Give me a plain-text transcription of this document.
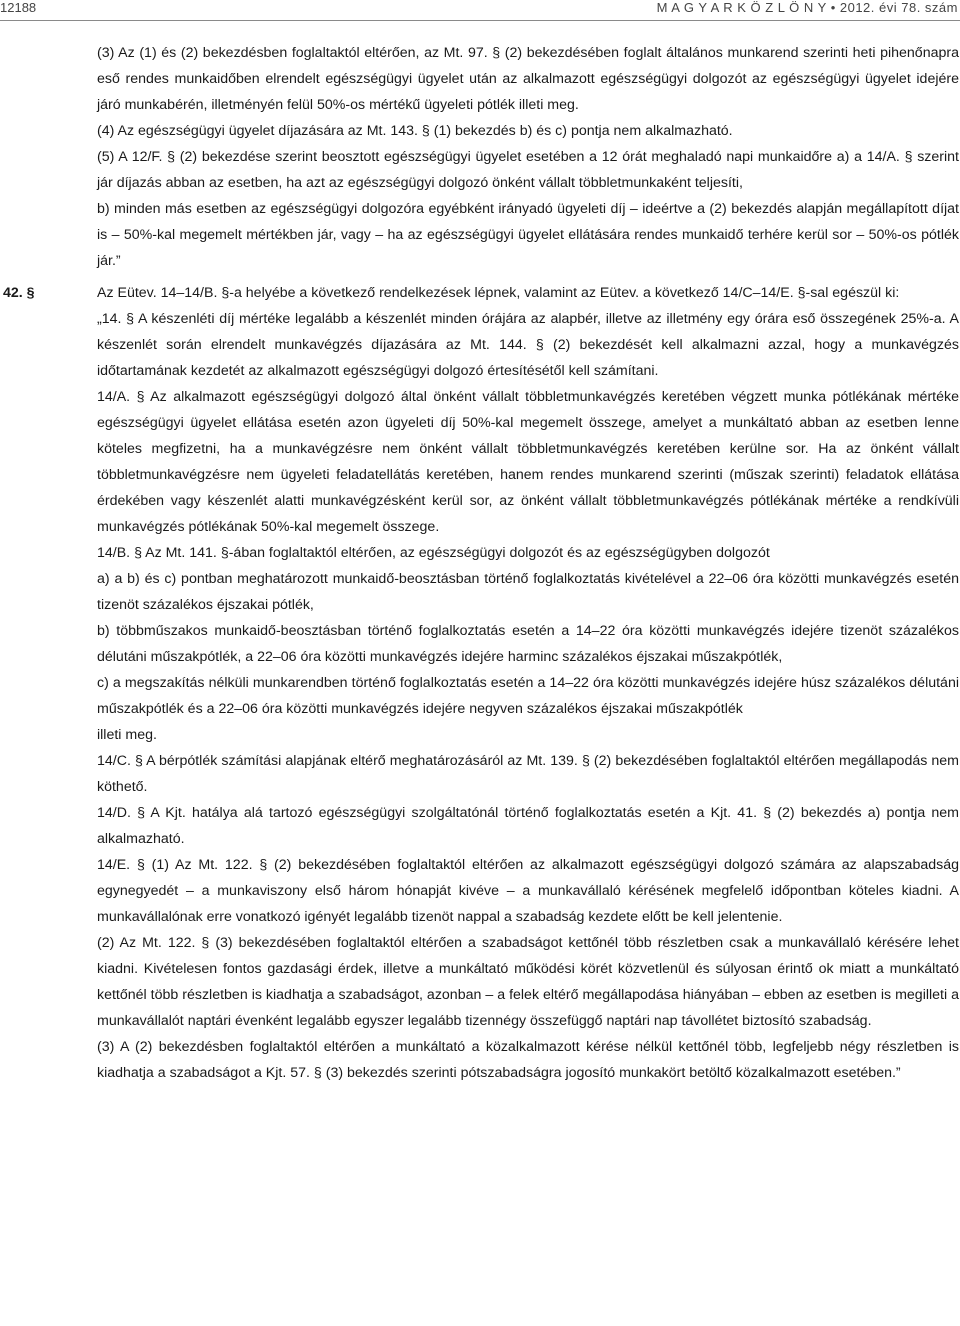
12188	M A G Y A R K Ö Z L Ö N Y • 2012. évi 78. szám

(3) Az (1) és (2) bekezdésben foglaltaktól eltérően, az Mt. 97. § (2) bekezdésében foglalt általános munkarend szerinti heti pihenőnapra eső rendes munkaidőben elrendelt egészségügyi ügyelet után az alkalmazott egészségügyi dolgozót az egészségügyi ügyelet idejére járó munkabérén, illetményén felül 50%-os mértékű ügyeleti pótlék illeti meg.

(4) Az egészségügyi ügyelet díjazására az Mt. 143. § (1) bekezdés b) és c) pontja nem alkalmazható.

(5) A 12/F. § (2) bekezdése szerint beosztott egészségügyi ügyelet esetében a 12 órát meghaladó napi munkaidőre a) a 14/A. § szerint jár díjazás abban az esetben, ha azt az egészségügyi dolgozó önként vállalt többletmunkaként teljesíti,

b) minden más esetben az egészségügyi dolgozóra egyébként irányadó ügyeleti díj – ideértve a (2) bekezdés alapján megállapított díjat is – 50%-kal megemelt mértékben jár, vagy – ha az egészségügyi ügyelet ellátására rendes munkaidő terhére kerül sor – 50%-os pótlék jár.”

42. §	Az Eütev. 14–14/B. §-a helyébe a következő rendelkezések lépnek, valamint az Eütev. a következő 14/C–14/E. §-sal egészül ki:

„14. § A készenléti díj mértéke legalább a készenlét minden órájára az alapbér, illetve az illetmény egy órára eső összegének 25%-a. A készenlét során elrendelt munkavégzés díjazására az Mt. 144. § (2) bekezdését kell alkalmazni azzal, hogy a munkavégzés időtartamának kezdetét az alkalmazott egészségügyi dolgozó értesítésétől kell számítani.

14/A. § Az alkalmazott egészségügyi dolgozó által önként vállalt többletmunkavégzés keretében végzett munka pótlékának mértéke egészségügyi ügyelet ellátása esetén azon ügyeleti díj 50%-kal megemelt összege, amelyet a munkáltató abban az esetben lenne köteles megfizetni, ha a munkavégzésre nem önként vállalt többletmunkavégzés keretében kerülne sor. Ha az önként vállalt többletmunkavégzésre nem ügyeleti feladatellátás keretében, hanem rendes munkarend szerinti (műszak szerinti) feladatok ellátása érdekében vagy készenlét alatti munkavégzésként kerül sor, az önként vállalt többletmunkavégzés pótlékának mértéke a rendkívüli munkavégzés pótlékának 50%-kal megemelt összege.

14/B. § Az Mt. 141. §-ában foglaltaktól eltérően, az egészségügyi dolgozót és az egészségügyben dolgozót

a) a b) és c) pontban meghatározott munkaidő-beosztásban történő foglalkoztatás kivételével a 22–06 óra közötti munkavégzés esetén tizenöt százalékos éjszakai pótlék,

b) többműszakos munkaidő-beosztásban történő foglalkoztatás esetén a 14–22 óra közötti munkavégzés idejére tizenöt százalékos délutáni műszakpótlék, a 22–06 óra közötti munkavégzés idejére harminc százalékos éjszakai műszakpótlék,

c) a megszakítás nélküli munkarendben történő foglalkoztatás esetén a 14–22 óra közötti munkavégzés idejére húsz százalékos délutáni műszakpótlék és a 22–06 óra közötti munkavégzés idejére negyven százalékos éjszakai műszakpótlék

illeti meg.

14/C. § A bérpótlék számítási alapjának eltérő meghatározásáról az Mt. 139. § (2) bekezdésében foglaltaktól eltérően megállapodás nem köthető.

14/D. § A Kjt. hatálya alá tartozó egészségügyi szolgáltatónál történő foglalkoztatás esetén a Kjt. 41. § (2) bekezdés a) pontja nem alkalmazható.

14/E. § (1) Az Mt. 122. § (2) bekezdésében foglaltaktól eltérően az alkalmazott egészségügyi dolgozó számára az alapszabadság egynegyedét – a munkaviszony első három hónapját kivéve – a munkavállaló kérésének megfelelő időpontban köteles kiadni. A munkavállalónak erre vonatkozó igényét legalább tizenöt nappal a szabadság kezdete előtt be kell jelentenie.

(2) Az Mt. 122. § (3) bekezdésében foglaltaktól eltérően a szabadságot kettőnél több részletben csak a munkavállaló kérésére lehet kiadni. Kivételesen fontos gazdasági érdek, illetve a munkáltató működési körét közvetlenül és súlyosan érintő ok miatt a munkáltató kettőnél több részletben is kiadhatja a szabadságot, azonban – a felek eltérő megállapodása hiányában – ebben az esetben is megilleti a munkavállalót naptári évenként legalább egyszer legalább tizennégy összefüggő naptári nap távollétet biztosító szabadság.

(3) A (2) bekezdésben foglaltaktól eltérően a munkáltató a közalkalmazott kérése nélkül kettőnél több, legfeljebb négy részletben is kiadhatja a szabadságot a Kjt. 57. § (3) bekezdés szerinti pótszabadságra jogosító munkakört betöltő közalkalmazott esetében.”
